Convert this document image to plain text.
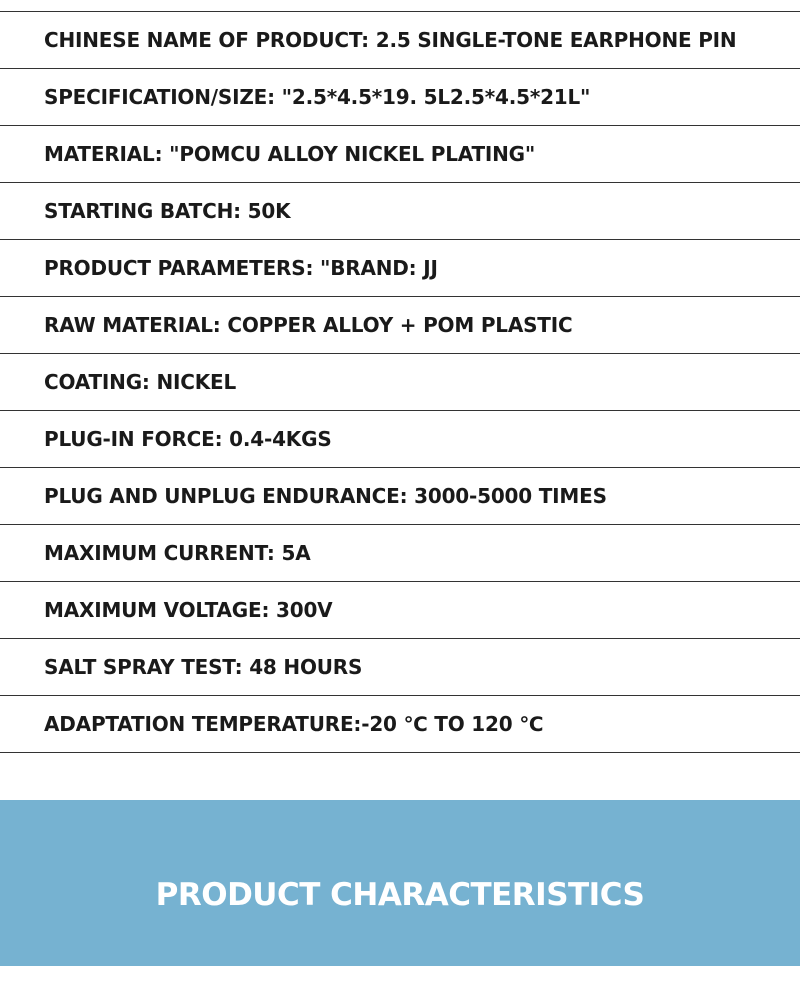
CHINESE NAME OF PRODUCT: 2.5 SINGLE-TONE EARPHONE PIN
SPECIFICATION/SIZE: "2.5*4.5*19. 5L2.5*4.5*21L"
MATERIAL: "POMCU ALLOY NICKEL PLATING"
STARTING BATCH: 50K
PRODUCT PARAMETERS: "BRAND: JJ
RAW MATERIAL: COPPER ALLOY + POM PLASTIC
COATING: NICKEL
PLUG-IN FORCE: 0.4-4KGS
PLUG AND UNPLUG ENDURANCE: 3000-5000 TIMES
MAXIMUM CURRENT: 5A
MAXIMUM VOLTAGE: 300V
SALT SPRAY TEST: 48 HOURS
ADAPTATION TEMPERATURE:-20 ℃ TO 120 ℃
PRODUCT CHARACTERISTICS
